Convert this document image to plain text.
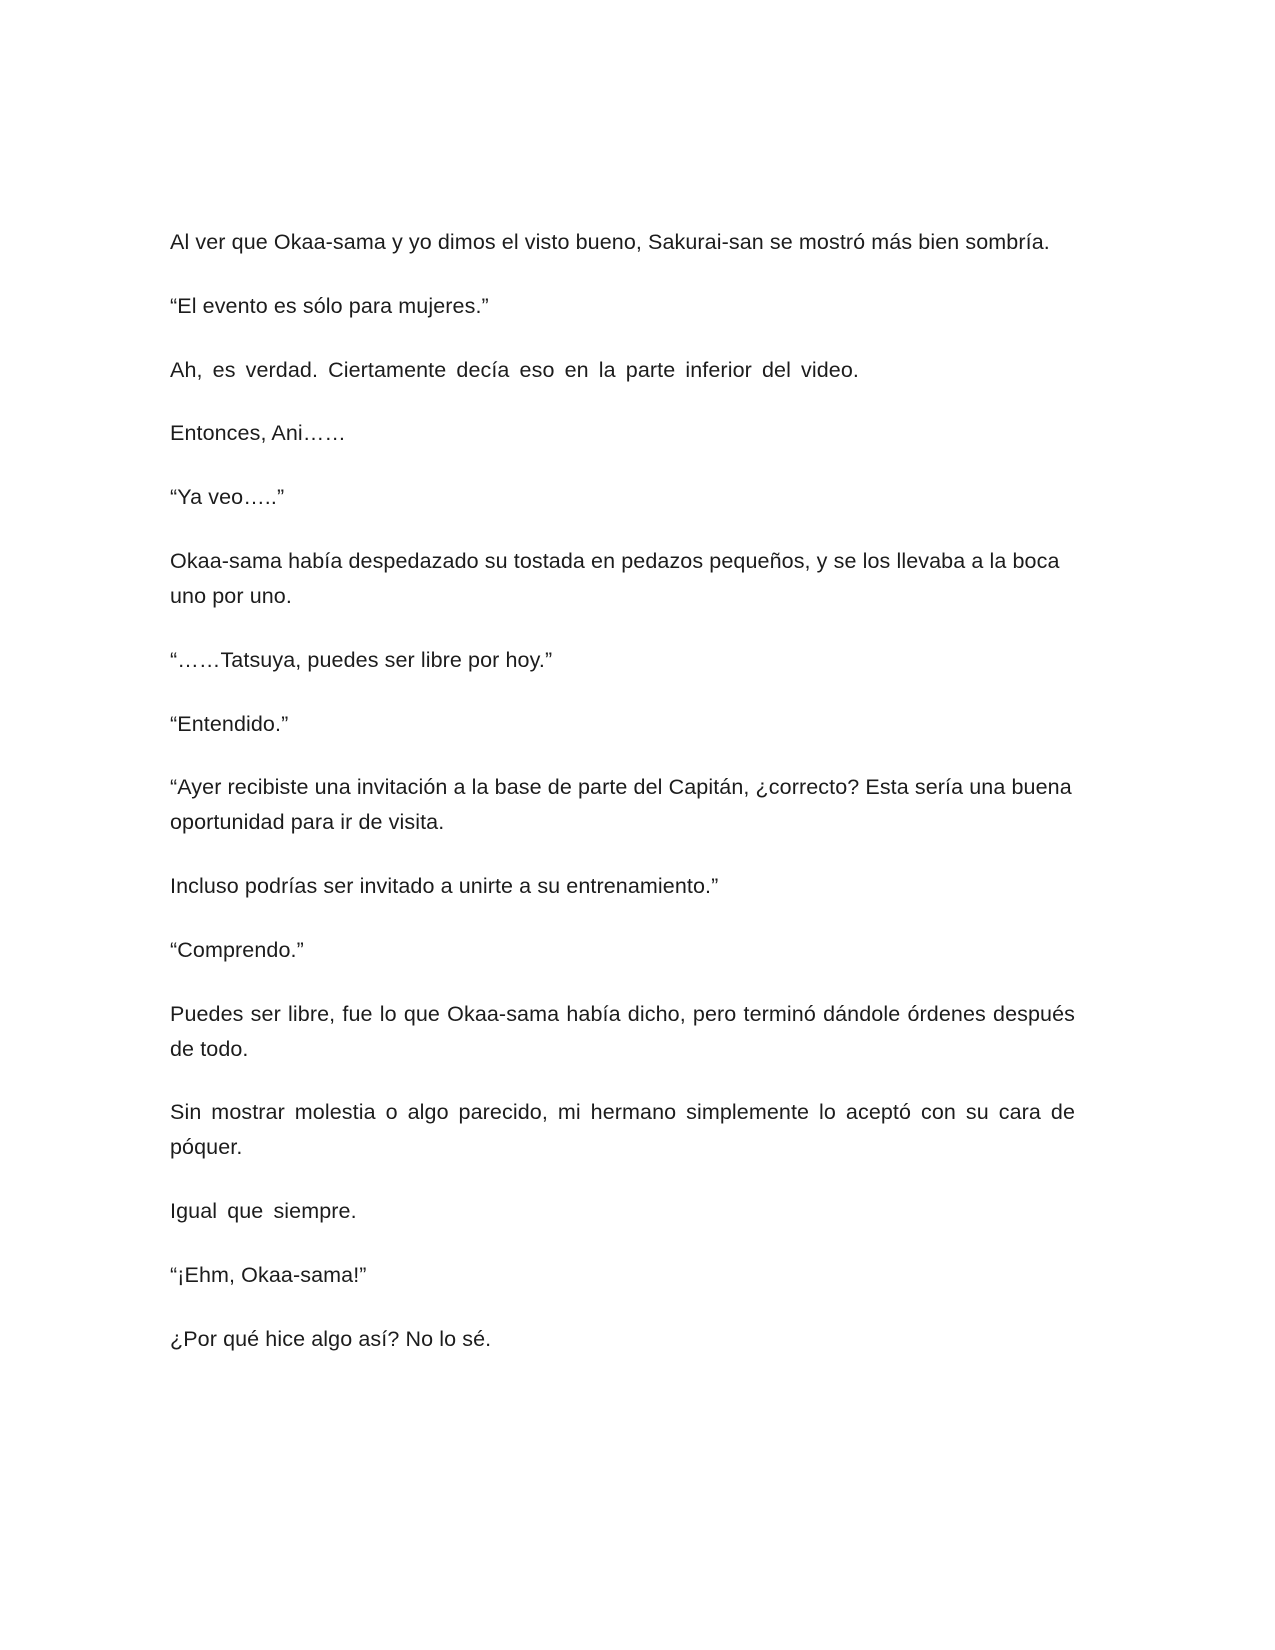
Al ver que Okaa-sama y yo dimos el visto bueno, Sakurai-san se mostró más bien sombría.

“El evento es sólo para mujeres.”

Ah, es verdad. Ciertamente decía eso en la parte inferior del video.

Entonces, Ani……

“Ya veo…..”

Okaa-sama había despedazado su tostada en pedazos pequeños, y se los llevaba a la boca uno por uno.

“……Tatsuya, puedes ser libre por hoy.”

“Entendido.”

“Ayer recibiste una invitación a la base de parte del Capitán, ¿correcto? Esta sería una buena oportunidad para ir de visita.

Incluso podrías ser invitado a unirte a su entrenamiento.”

“Comprendo.”

Puedes ser libre, fue lo que Okaa-sama había dicho, pero terminó dándole órdenes después de todo.

Sin mostrar molestia o algo parecido, mi hermano simplemente lo aceptó con su cara de póquer.

Igual que siempre.

“¡Ehm, Okaa-sama!”

¿Por qué hice algo así? No lo sé.
